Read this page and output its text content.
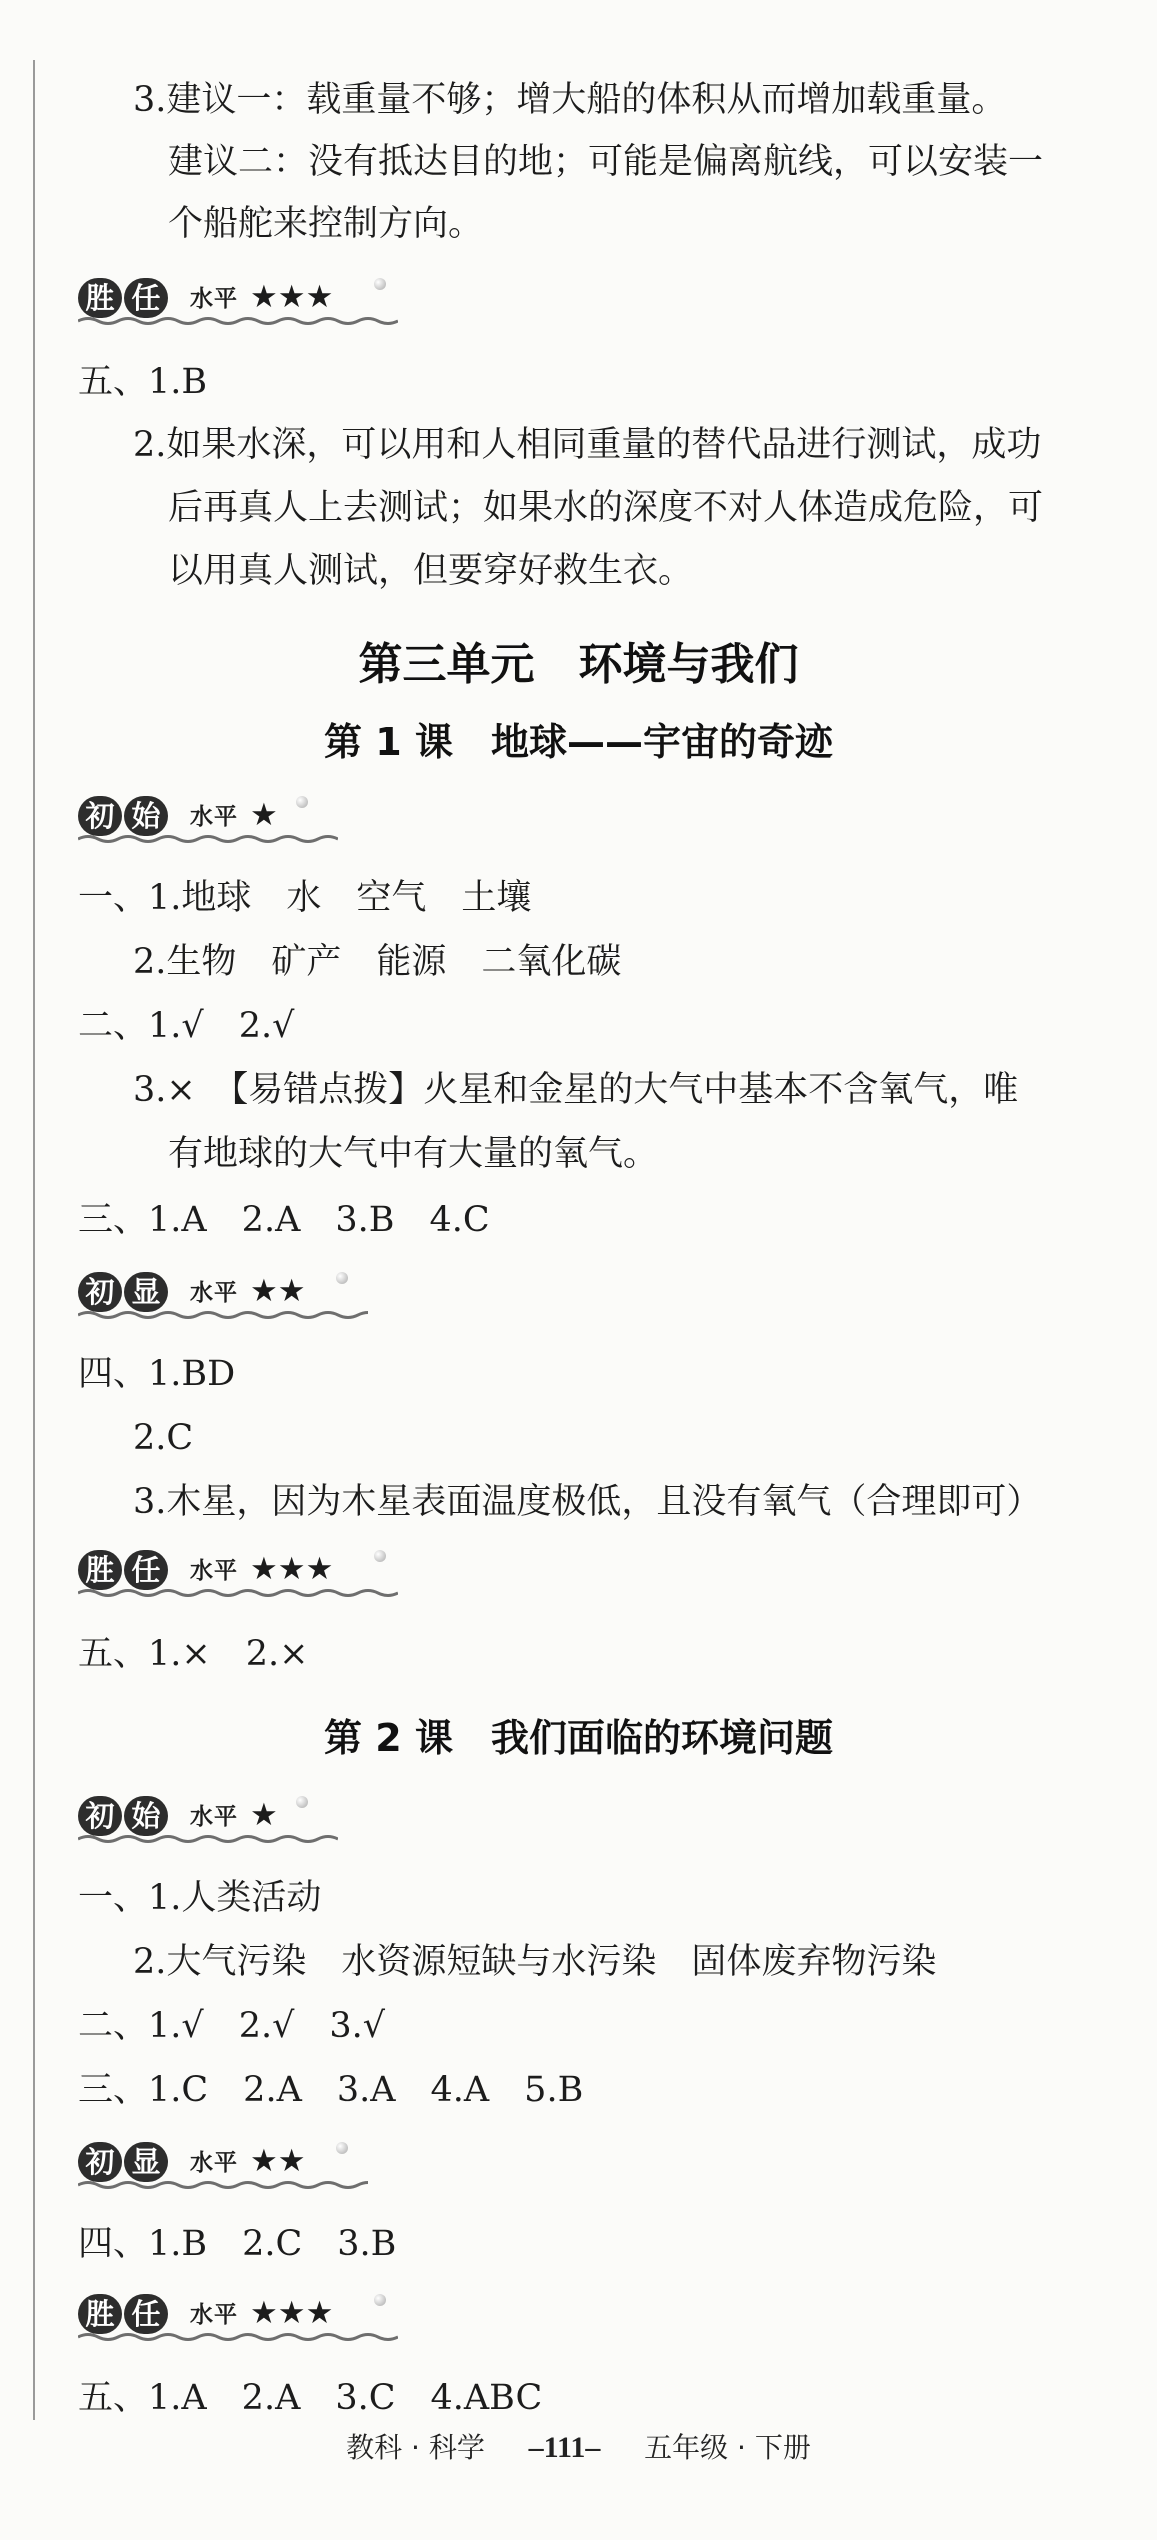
3.建议一：载重量不够；增大船的体积从而增加载重量。
建议二：没有抵达目的地；可能是偏离航线，可以安装一
个船舵来控制方向。
胜 任	水平 ★★★
五、1.B
2.如果水深，可以用和人相同重量的替代品进行测试，成功
后再真人上去测试；如果水的深度不对人体造成危险，可
以用真人测试，但要穿好救生衣。
第三单元　环境与我们
第 1 课　地球——宇宙的奇迹
初 始	水平 ★
一、1.地球　水　空气　土壤
2.生物　矿产　能源　二氧化碳
二、1.√　2.√
3.×　【易错点拨】火星和金星的大气中基本不含氧气，唯
有地球的大气中有大量的氧气。
三、1.A　2.A　3.B　4.C
初 显	水平 ★★
四、1.BD
2.C
3.木星，因为木星表面温度极低，且没有氧气（合理即可）
胜 任	水平 ★★★
五、1.×　2.×
第 2 课　我们面临的环境问题
初 始	水平 ★
一、1.人类活动
2.大气污染　水资源短缺与水污染　固体废弃物污染
二、1.√　2.√　3.√
三、1.C　2.A　3.A　4.A　5.B
初 显	水平 ★★
四、1.B　2.C　3.B
胜 任	水平 ★★★
五、1.A　2.A　3.C　4.ABC
教科 · 科学 –111– 五年级 · 下册
